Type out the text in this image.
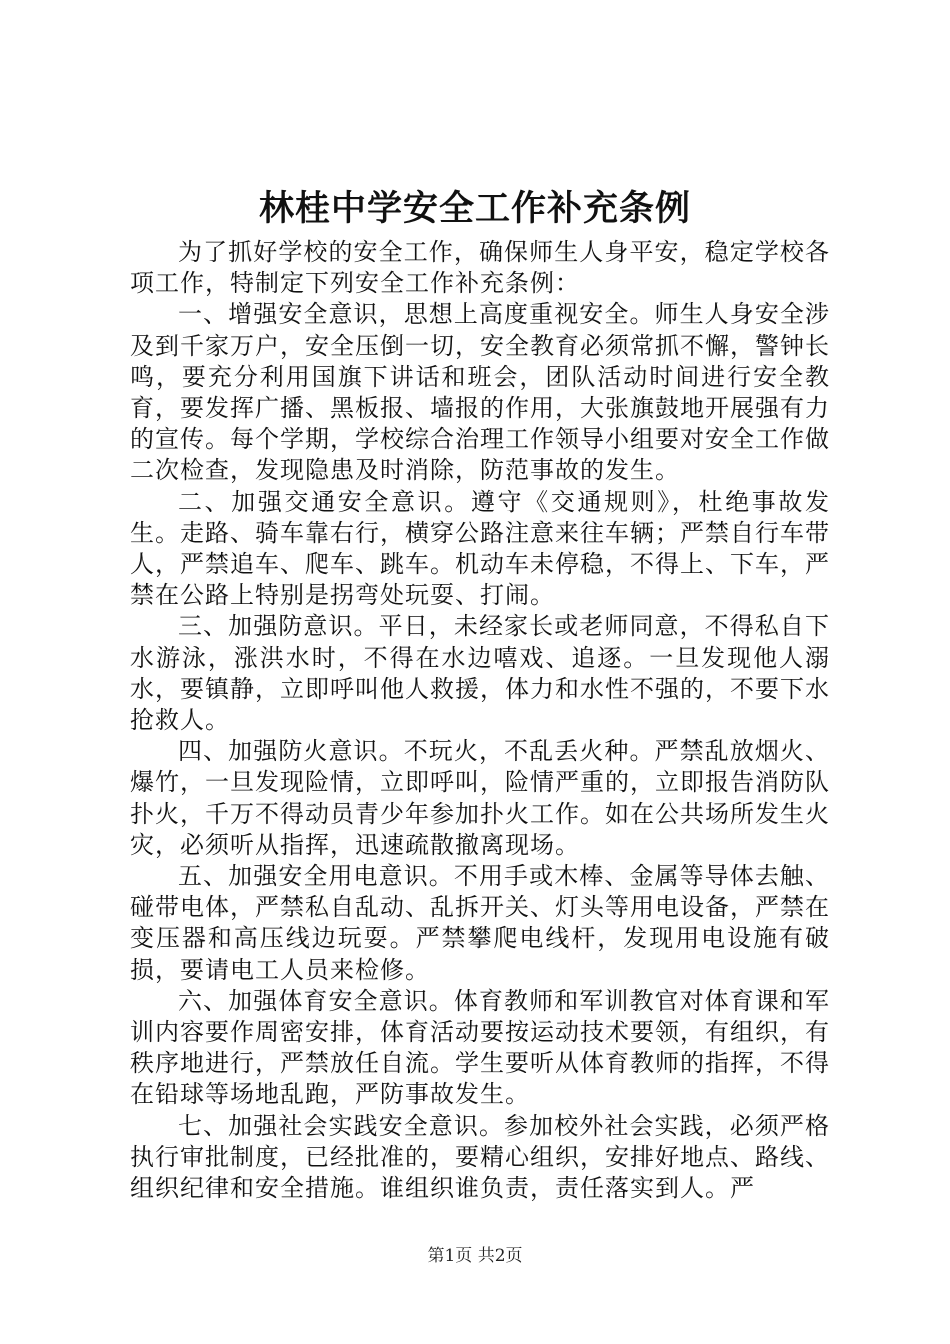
林桂中学安全工作补充条例

为了抓好学校的安全工作，确保师生人身平安，稳定学校各项工作，特制定下列安全工作补充条例：

一、增强安全意识，思想上高度重视安全。师生人身安全涉及到千家万户，安全压倒一切，安全教育必须常抓不懈，警钟长鸣，要充分利用国旗下讲话和班会，团队活动时间进行安全教育，要发挥广播、黑板报、墙报的作用，大张旗鼓地开展强有力的宣传。每个学期，学校综合治理工作领导小组要对安全工作做二次检查，发现隐患及时消除，防范事故的发生。

二、加强交通安全意识。遵守《交通规则》，杜绝事故发生。走路、骑车靠右行，横穿公路注意来往车辆；严禁自行车带人，严禁追车、爬车、跳车。机动车未停稳，不得上、下车，严禁在公路上特别是拐弯处玩耍、打闹。

三、加强防意识。平日，未经家长或老师同意，不得私自下水游泳，涨洪水时，不得在水边嘻戏、追逐。一旦发现他人溺水，要镇静，立即呼叫他人救援，体力和水性不强的，不要下水抢救人。

四、加强防火意识。不玩火，不乱丢火种。严禁乱放烟火、爆竹，一旦发现险情，立即呼叫，险情严重的，立即报告消防队扑火，千万不得动员青少年参加扑火工作。如在公共场所发生火灾，必须听从指挥，迅速疏散撤离现场。

五、加强安全用电意识。不用手或木棒、金属等导体去触、碰带电体，严禁私自乱动、乱拆开关、灯头等用电设备，严禁在变压器和高压线边玩耍。严禁攀爬电线杆，发现用电设施有破损，要请电工人员来检修。

六、加强体育安全意识。体育教师和军训教官对体育课和军训内容要作周密安排，体育活动要按运动技术要领，有组织，有秩序地进行，严禁放任自流。学生要听从体育教师的指挥，不得在铅球等场地乱跑，严防事故发生。

七、加强社会实践安全意识。参加校外社会实践，必须严格执行审批制度，已经批准的，要精心组织，安排好地点、路线、组织纪律和安全措施。谁组织谁负责，责任落实到人。严

第1页 共2页
